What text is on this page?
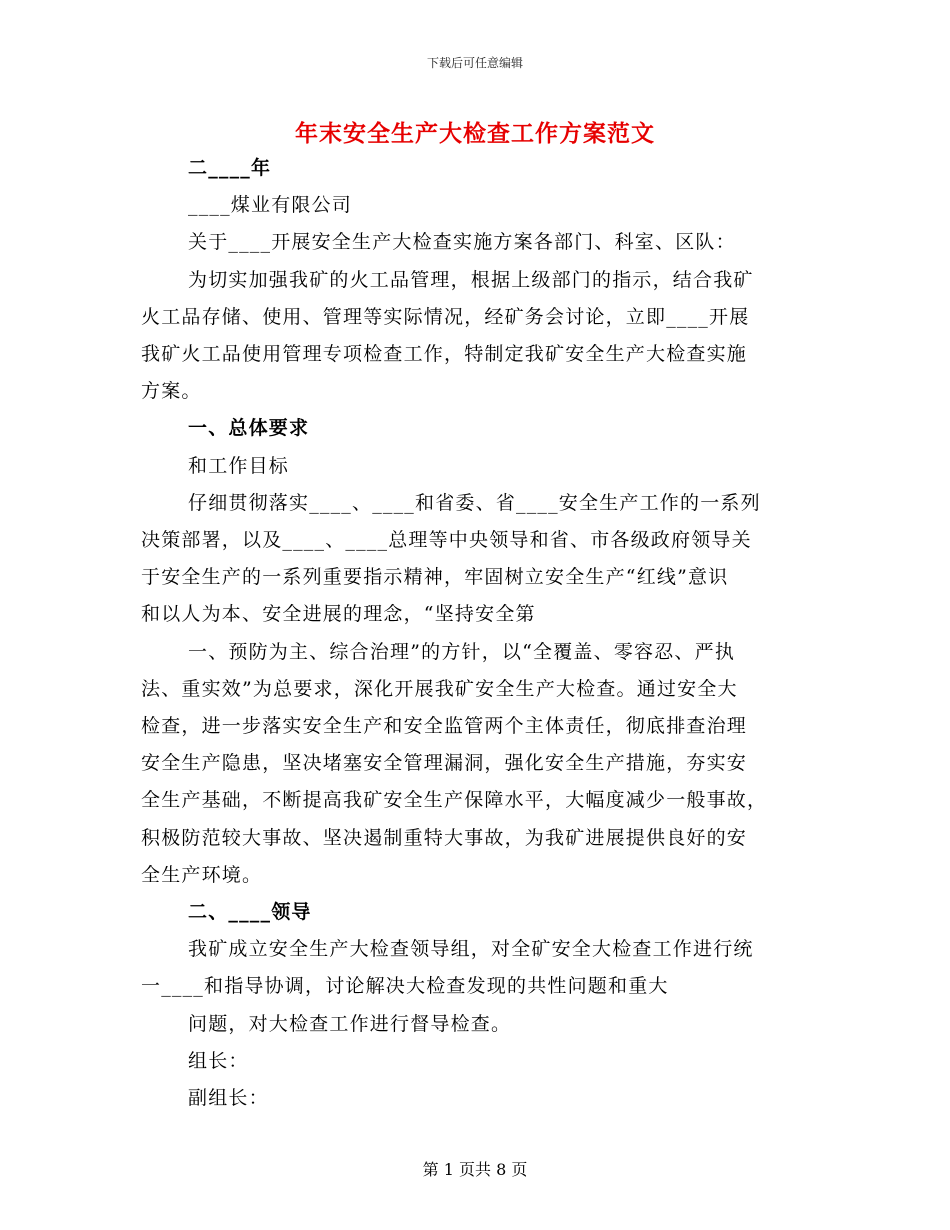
下载后可任意编辑
年末安全生产大检查工作方案范文

二____年

____煤业有限公司

关于____开展安全生产大检查实施方案各部门、科室、区队：

为切实加强我矿的火工品管理，根据上级部门的指示，结合我矿

火工品存储、使用、管理等实际情况，经矿务会讨论，立即____开展

我矿火工品使用管理专项检查工作，特制定我矿安全生产大检查实施

方案。

一、总体要求

和工作目标

仔细贯彻落实____、____和省委、省____安全生产工作的一系列

决策部署，以及____、____总理等中央领导和省、市各级政府领导关

于安全生产的一系列重要指示精神，牢固树立安全生产“红线”意识

和以人为本、安全进展的理念，“坚持安全第

一、预防为主、综合治理”的方针，以“全覆盖、零容忍、严执

法、重实效”为总要求，深化开展我矿安全生产大检查。通过安全大

检查，进一步落实安全生产和安全监管两个主体责任，彻底排查治理

安全生产隐患，坚决堵塞安全管理漏洞，强化安全生产措施，夯实安

全生产基础，不断提高我矿安全生产保障水平，大幅度减少一般事故，

积极防范较大事故、坚决遏制重特大事故，为我矿进展提供良好的安

全生产环境。

二、____领导

我矿成立安全生产大检查领导组，对全矿安全大检查工作进行统

一____和指导协调，讨论解决大检查发现的共性问题和重大

问题，对大检查工作进行督导检查。

组长：

副组长：

第 1 页共 8 页
